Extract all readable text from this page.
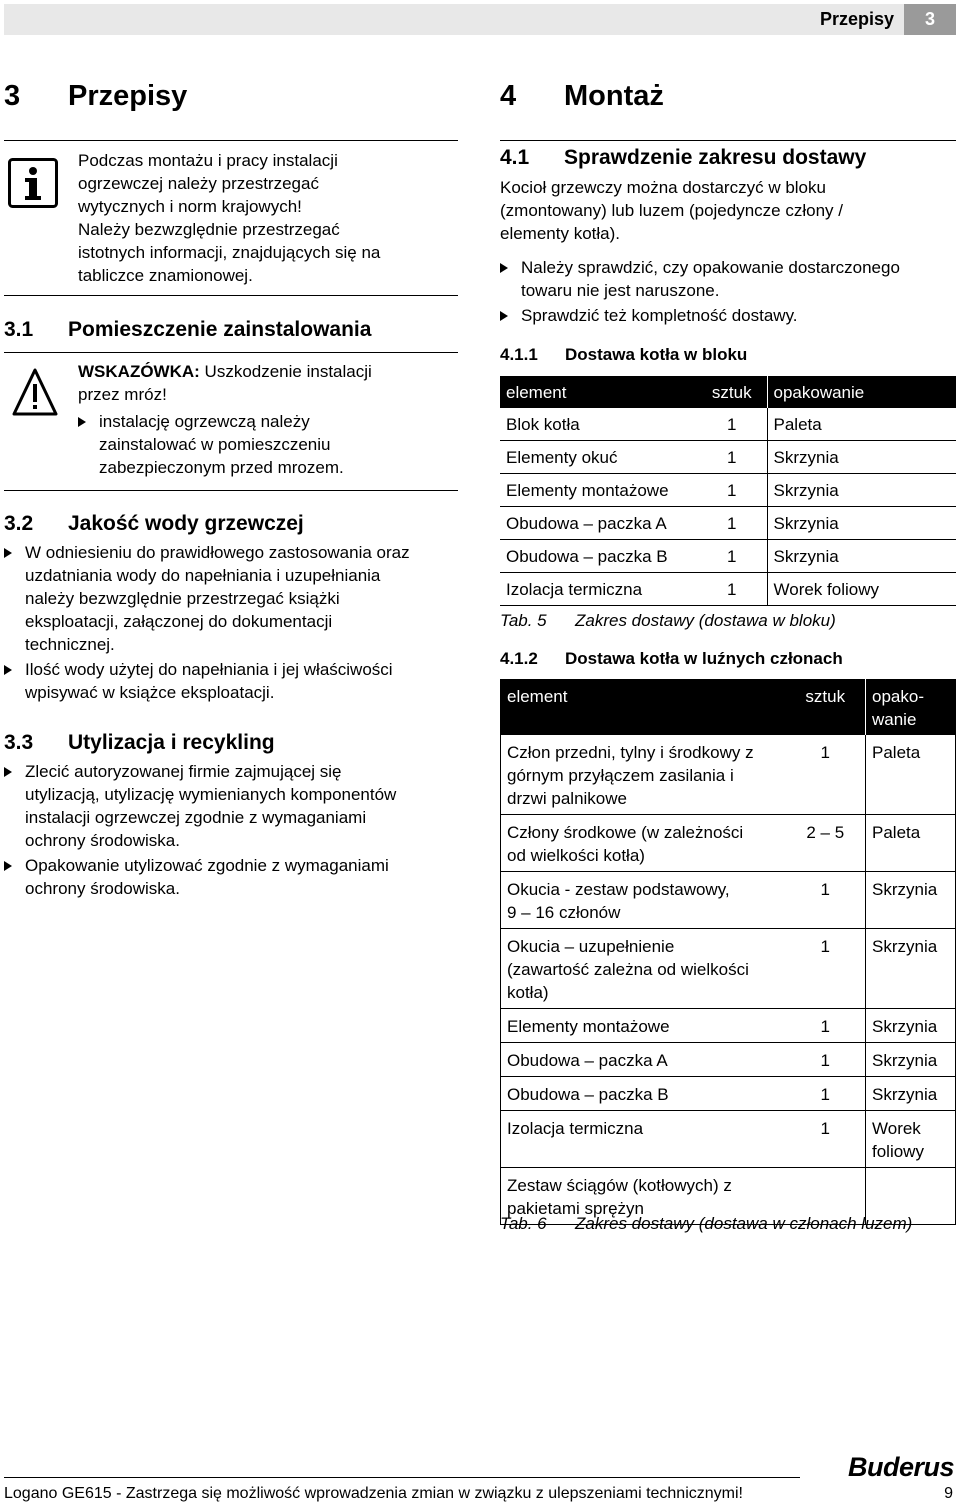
Przepisy	3
3 Przepisy
Podczas montażu i pracy instalacji
ogrzewczej należy przestrzegać
wytycznych i norm krajowych!
Należy bezwzględnie przestrzegać
istotnych informacji, znajdujących się na
tabliczce znamionowej.
3.1 Pomieszczenie zainstalowania
WSKAZÓWKA: Uszkodzenie instalacji
przez mróz!
instalację ogrzewczą należy
zainstalować w pomieszczeniu
zabezpieczonym przed mrozem.
3.2 Jakość wody grzewczej
W odniesieniu do prawidłowego zastosowania oraz
uzdatniania wody do napełniania i uzupełniania
należy bezwzględnie przestrzegać książki
eksploatacji, załączonej do dokumentacji
technicznej.
Ilość wody użytej do napełniania i jej właściwości
wpisywać w książce eksploatacji.
3.3 Utylizacja i recykling
Zlecić autoryzowanej firmie zajmującej się
utylizacją, utylizację wymienianych komponentów
instalacji ogrzewczej zgodnie z wymaganiami
ochrony środowiska.
Opakowanie utylizować zgodnie z wymaganiami
ochrony środowiska.
4 Montaż
4.1 Sprawdzenie zakresu dostawy
Kocioł grzewczy można dostarczyć w bloku
(zmontowany) lub luzem (pojedyncze człony /
elementy kotła).
Należy sprawdzić, czy opakowanie dostarczonego
towaru nie jest naruszone.
Sprawdzić też kompletność dostawy.
4.1.1 Dostawa kotła w bloku
element	sztuk	opakowanie
Blok kotła	1	Paleta
Elementy okuć	1	Skrzynia
Elementy montażowe	1	Skrzynia
Obudowa – paczka A	1	Skrzynia
Obudowa – paczka B	1	Skrzynia
Izolacja termiczna	1	Worek foliowy
Tab. 5 Zakres dostawy (dostawa w bloku)
4.1.2 Dostawa kotła w luźnych członach
element	sztuk	opako-
wanie
Człon przedni, tylny i środkowy z
górnym przyłączem zasilania i
drzwi palnikowe	1	Paleta
Człony środkowe (w zależności
od wielkości kotła)	2 – 5	Paleta
Okucia - zestaw podstawowy,
9 – 16 członów	1	Skrzynia
Okucia – uzupełnienie
(zawartość zależna od wielkości
kotła)	1	Skrzynia
Elementy montażowe	1	Skrzynia
Obudowa – paczka A	1	Skrzynia
Obudowa – paczka B	1	Skrzynia
Izolacja termiczna	1	Worek
foliowy
Zestaw ściągów (kotłowych) z
pakietami sprężyn		
Tab. 6 Zakres dostawy (dostawa w członach luzem)
Buderus
Logano GE615 - Zastrzega się możliwość wprowadzenia zmian w związku z ulepszeniami technicznymi!	9
